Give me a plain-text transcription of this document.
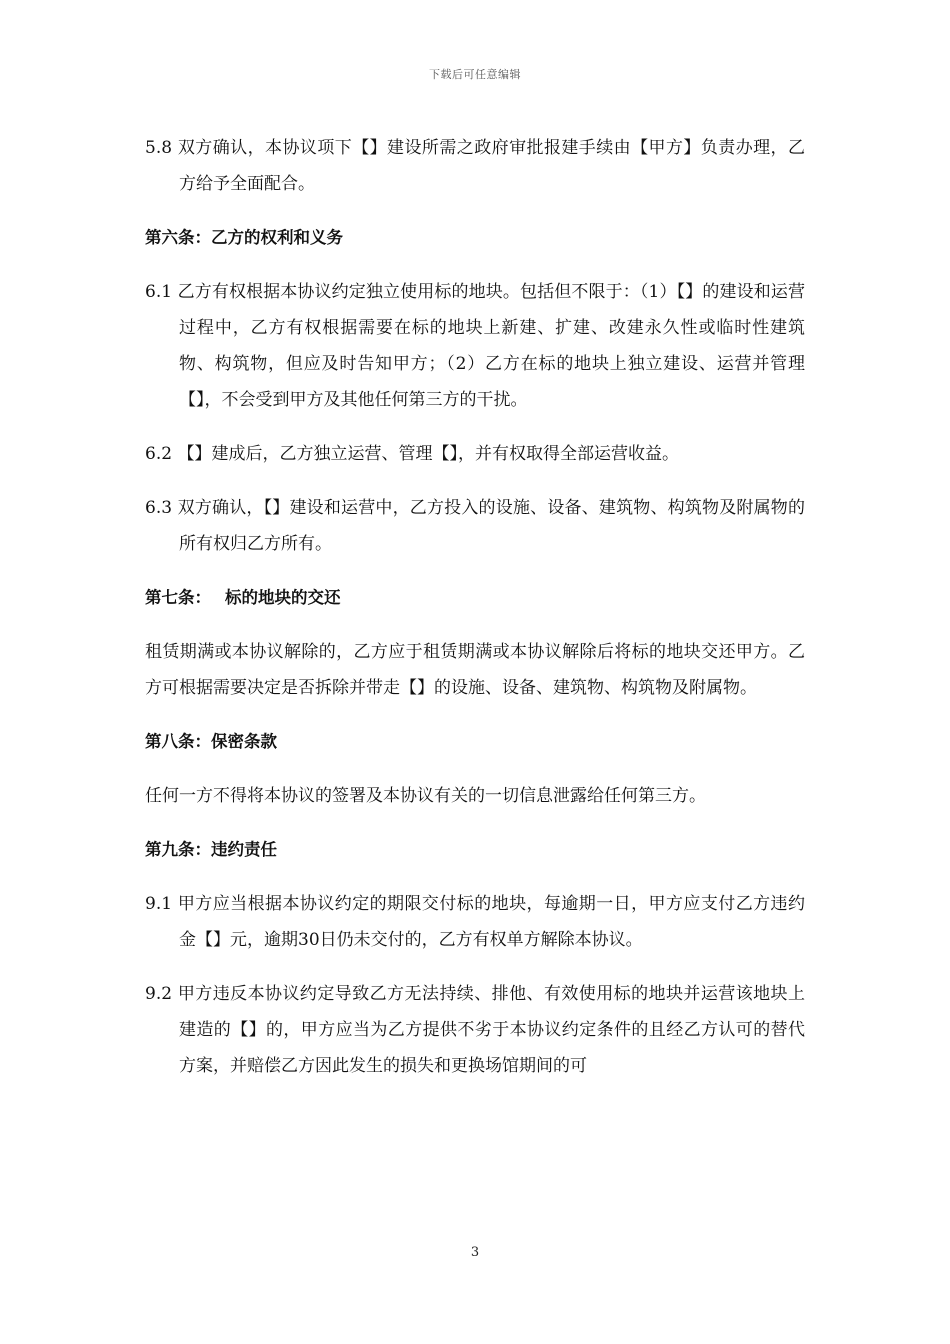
下载后可任意编辑

5.8 双方确认，本协议项下【】建设所需之政府审批报建手续由【甲方】负责办理，乙方给予全面配合。

第六条：乙方的权利和义务

6.1 乙方有权根据本协议约定独立使用标的地块。包括但不限于：（1）【】的建设和运营过程中，乙方有权根据需要在标的地块上新建、扩建、改建永久性或临时性建筑物、构筑物，但应及时告知甲方；（2）乙方在标的地块上独立建设、运营并管理【】，不会受到甲方及其他任何第三方的干扰。

6.2 【】建成后，乙方独立运营、管理【】，并有权取得全部运营收益。

6.3 双方确认，【】建设和运营中，乙方投入的设施、设备、建筑物、构筑物及附属物的所有权归乙方所有。

第七条： 标的地块的交还

租赁期满或本协议解除的，乙方应于租赁期满或本协议解除后将标的地块交还甲方。乙方可根据需要决定是否拆除并带走【】的设施、设备、建筑物、构筑物及附属物。

第八条：保密条款

任何一方不得将本协议的签署及本协议有关的一切信息泄露给任何第三方。

第九条：违约责任

9.1 甲方应当根据本协议约定的期限交付标的地块，每逾期一日，甲方应支付乙方违约金【】元，逾期30日仍未交付的，乙方有权单方解除本协议。

9.2 甲方违反本协议约定导致乙方无法持续、排他、有效使用标的地块并运营该地块上建造的【】的，甲方应当为乙方提供不劣于本协议约定条件的且经乙方认可的替代方案，并赔偿乙方因此发生的损失和更换场馆期间的可

3
